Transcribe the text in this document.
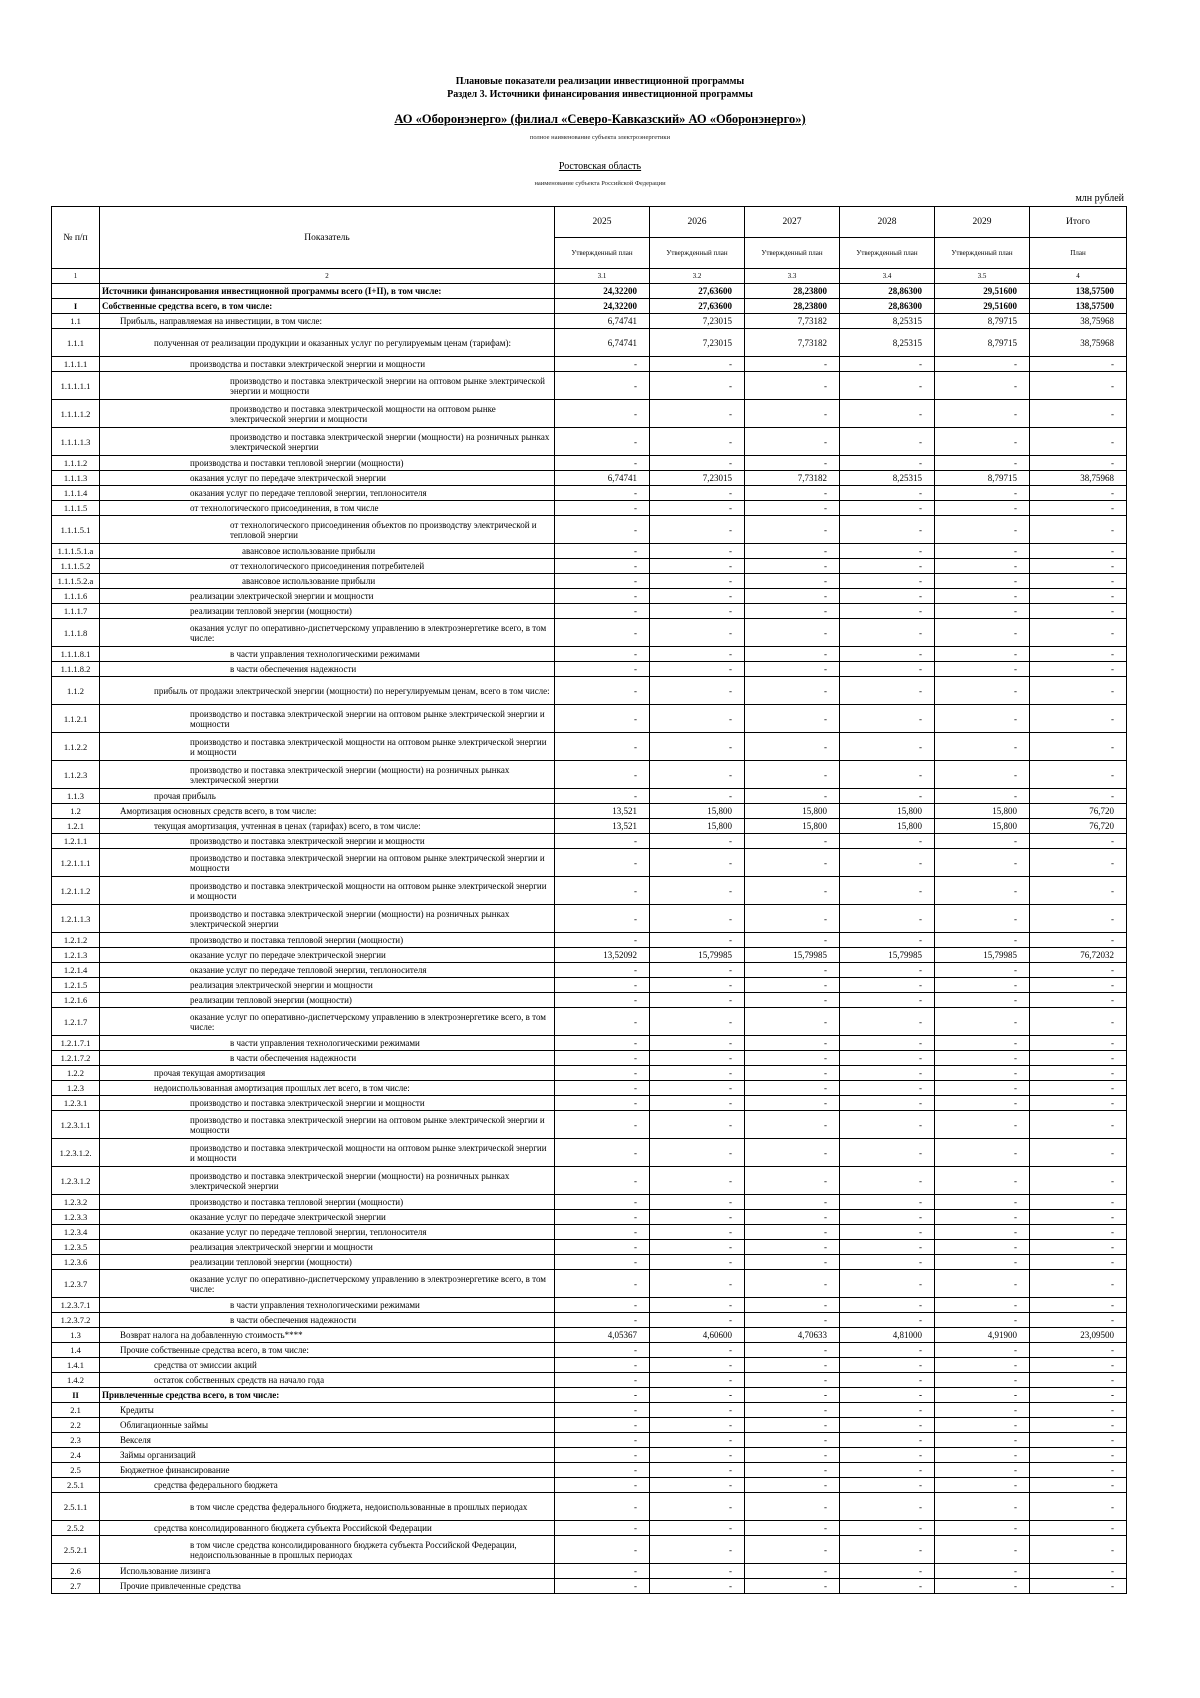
Плановые показатели реализации инвестиционной программы
Раздел 3. Источники финансирования инвестиционной программы
АО «Оборонэнерго» (филиал «Северо-Кавказский» АО «Оборонэнерго»)
полное наименование субъекта электроэнергетики
Ростовская область
наименование субъекта Российской Федерации
млн рублей
№ п/п	Показатель	2025	2026	2027	2028	2029	Итого
		Утвержденный план	Утвержденный план	Утвержденный план	Утвержденный план	Утвержденный план	План
1	2	3.1	3.2	3.3	3.4	3.5	4
	Источники финансирования инвестиционной программы всего (I+II), в том числе:	24,32200	27,63600	28,23800	28,86300	29,51600	138,57500
I	Собственные средства всего, в том числе:	24,32200	27,63600	28,23800	28,86300	29,51600	138,57500
1.1	Прибыль, направляемая на инвестиции, в том числе:	6,74741	7,23015	7,73182	8,25315	8,79715	38,75968
1.1.1	полученная от реализации продукции и оказанных услуг по регулируемым ценам (тарифам):	6,74741	7,23015	7,73182	8,25315	8,79715	38,75968
1.1.1.1	производства и поставки электрической энергии и мощности	-	-	-	-	-	-
1.1.1.1.1	производство и поставка электрической энергии на оптовом рынке электрической энергии и мощности	-	-	-	-	-	-
1.1.1.1.2	производство и поставка электрической мощности на оптовом рынке электрической энергии и мощности	-	-	-	-	-	-
1.1.1.1.3	производство и поставка электрической энергии (мощности) на розничных рынках электрической энергии	-	-	-	-	-	-
1.1.1.2	производства и поставки тепловой энергии (мощности)	-	-	-	-	-	-
1.1.1.3	оказания услуг по передаче электрической энергии	6,74741	7,23015	7,73182	8,25315	8,79715	38,75968
1.1.1.4	оказания услуг по передаче тепловой энергии, теплоносителя	-	-	-	-	-	-
1.1.1.5	от технологического присоединения, в том числе	-	-	-	-	-	-
1.1.1.5.1	от технологического присоединения объектов по производству электрической и тепловой энергии	-	-	-	-	-	-
1.1.1.5.1.а	авансовое использование прибыли	-	-	-	-	-	-
1.1.1.5.2	от технологического присоединения потребителей	-	-	-	-	-	-
1.1.1.5.2.а	авансовое использование прибыли	-	-	-	-	-	-
1.1.1.6	реализации электрической энергии и мощности	-	-	-	-	-	-
1.1.1.7	реализации тепловой энергии (мощности)	-	-	-	-	-	-
1.1.1.8	оказания услуг по оперативно-диспетчерскому управлению в электроэнергетике всего, в том числе:	-	-	-	-	-	-
1.1.1.8.1	в части управления технологическими режимами	-	-	-	-	-	-
1.1.1.8.2	в части обеспечения надежности	-	-	-	-	-	-
1.1.2	прибыль от продажи электрической энергии (мощности) по нерегулируемым ценам, всего в том числе:	-	-	-	-	-	-
1.1.2.1	производство и поставка электрической энергии на оптовом рынке электрической энергии и мощности	-	-	-	-	-	-
1.1.2.2	производство и поставка электрической мощности на оптовом рынке электрической энергии и мощности	-	-	-	-	-	-
1.1.2.3	производство и поставка электрической энергии (мощности) на розничных рынках электрической энергии	-	-	-	-	-	-
1.1.3	прочая прибыль	-	-	-	-	-	-
1.2	Амортизация основных средств всего, в том числе:	13,521	15,800	15,800	15,800	15,800	76,720
1.2.1	текущая амортизация, учтенная в ценах (тарифах) всего, в том числе:	13,521	15,800	15,800	15,800	15,800	76,720
1.2.1.1	производство и поставка электрической энергии и мощности	-	-	-	-	-	-
1.2.1.1.1	производство и поставка электрической энергии на оптовом рынке электрической энергии и мощности	-	-	-	-	-	-
1.2.1.1.2	производство и поставка электрической мощности на оптовом рынке электрической энергии и мощности	-	-	-	-	-	-
1.2.1.1.3	производство и поставка электрической энергии (мощности) на розничных рынках электрической энергии	-	-	-	-	-	-
1.2.1.2	производство и поставка тепловой энергии (мощности)	-	-	-	-	-	-
1.2.1.3	оказание услуг по передаче электрической энергии	13,52092	15,79985	15,79985	15,79985	15,79985	76,72032
1.2.1.4	оказание услуг по передаче тепловой энергии, теплоносителя	-	-	-	-	-	-
1.2.1.5	реализация электрической энергии и мощности	-	-	-	-	-	-
1.2.1.6	реализации тепловой энергии (мощности)	-	-	-	-	-	-
1.2.1.7	оказание услуг по оперативно-диспетчерскому управлению в электроэнергетике всего, в том числе:	-	-	-	-	-	-
1.2.1.7.1	в части управления технологическими режимами	-	-	-	-	-	-
1.2.1.7.2	в части обеспечения надежности	-	-	-	-	-	-
1.2.2	прочая текущая амортизация	-	-	-	-	-	-
1.2.3	недоиспользованная амортизация прошлых лет всего, в том числе:	-	-	-	-	-	-
1.2.3.1	производство и поставка электрической энергии и мощности	-	-	-	-	-	-
1.2.3.1.1	производство и поставка электрической энергии на оптовом рынке электрической энергии и мощности	-	-	-	-	-	-
1.2.3.1.2.	производство и поставка электрической мощности на оптовом рынке электрической энергии и мощности	-	-	-	-	-	-
1.2.3.1.2	производство и поставка электрической энергии (мощности) на розничных рынках электрической энергии	-	-	-	-	-	-
1.2.3.2	производство и поставка тепловой энергии (мощности)	-	-	-	-	-	-
1.2.3.3	оказание услуг по передаче электрической энергии	-	-	-	-	-	-
1.2.3.4	оказание услуг по передаче тепловой энергии, теплоносителя	-	-	-	-	-	-
1.2.3.5	реализация электрической энергии и мощности	-	-	-	-	-	-
1.2.3.6	реализации тепловой энергии (мощности)	-	-	-	-	-	-
1.2.3.7	оказание услуг по оперативно-диспетчерскому управлению в электроэнергетике всего, в том числе:	-	-	-	-	-	-
1.2.3.7.1	в части управления технологическими режимами	-	-	-	-	-	-
1.2.3.7.2	в части обеспечения надежности	-	-	-	-	-	-
1.3	Возврат налога на добавленную стоимость****	4,05367	4,60600	4,70633	4,81000	4,91900	23,09500
1.4	Прочие собственные средства всего, в том числе:	-	-	-	-	-	-
1.4.1	средства от эмиссии акций	-	-	-	-	-	-
1.4.2	остаток собственных средств на начало года	-	-	-	-	-	-
II	Привлеченные средства всего, в том числе:	-	-	-	-	-	-
2.1	Кредиты	-	-	-	-	-	-
2.2	Облигационные займы	-	-	-	-	-	-
2.3	Векселя	-	-	-	-	-	-
2.4	Займы организаций	-	-	-	-	-	-
2.5	Бюджетное финансирование	-	-	-	-	-	-
2.5.1	средства федерального бюджета	-	-	-	-	-	-
2.5.1.1	в том числе средства федерального бюджета, недоиспользованные в прошлых периодах	-	-	-	-	-	-
2.5.2	средства консолидированного бюджета субъекта Российской Федерации	-	-	-	-	-	-
2.5.2.1	в том числе средства консолидированного бюджета субъекта Российской Федерации, недоиспользованные в прошлых периодах	-	-	-	-	-	-
2.6	Использование лизинга	-	-	-	-	-	-
2.7	Прочие привлеченные средства	-	-	-	-	-	-
